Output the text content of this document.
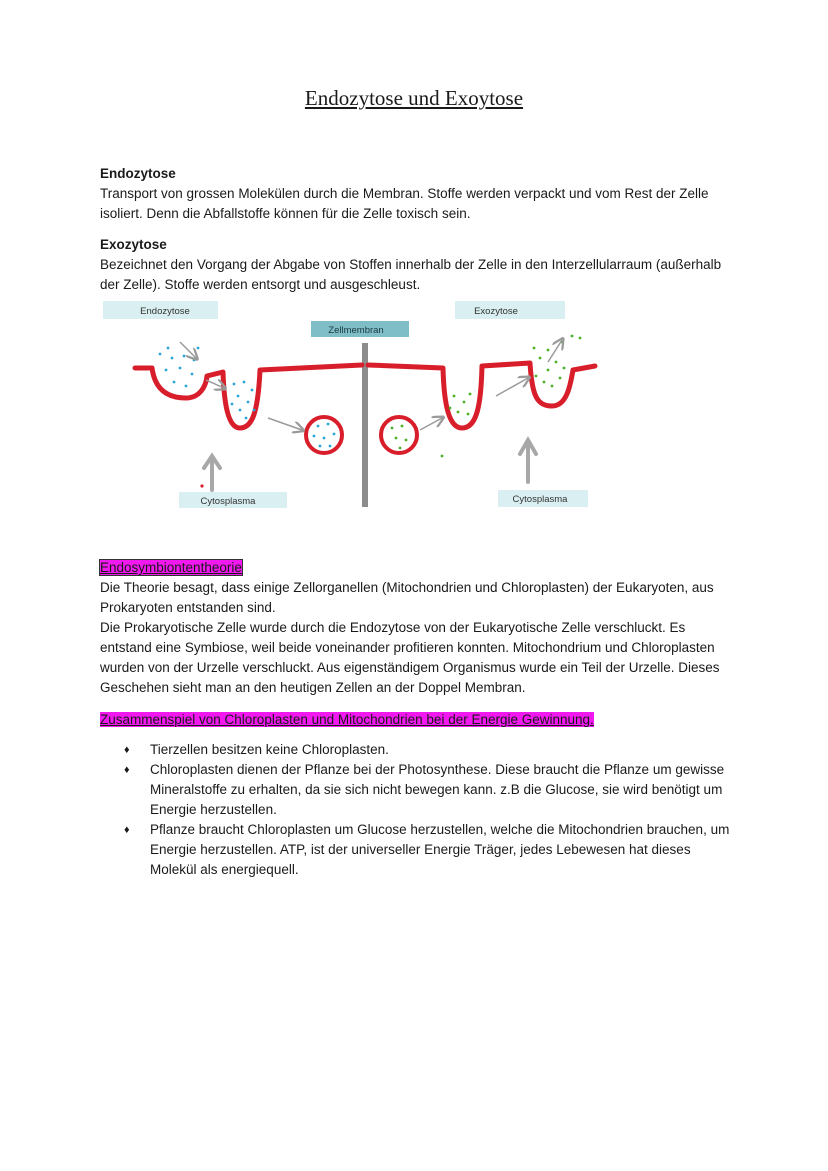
Endozytose und Exoytose
Endozytose
Transport von grossen Molekülen durch die Membran. Stoffe werden verpackt und vom Rest der Zelle isoliert. Denn die Abfallstoffe können für die Zelle toxisch sein.
Exozytose
Bezeichnet den Vorgang der Abgabe von Stoffen innerhalb der Zelle in den Interzellularraum (außerhalb der Zelle). Stoffe werden entsorgt und ausgeschleust.
Endozytose	Exozytose
Zellmembran
Cytosplasma	Cytosplasma
Endosymbiontentheorie
Die Theorie besagt, dass einige Zellorganellen (Mitochondrien und Chloroplasten) der Eukaryoten, aus Prokaryoten entstanden sind.
Die Prokaryotische Zelle wurde durch die Endozytose von der Eukaryotische Zelle verschluckt. Es entstand eine Symbiose, weil beide voneinander profitieren konnten. Mitochondrium und Chloroplasten wurden von der Urzelle verschluckt. Aus eigenständigem Organismus wurde ein Teil der Urzelle. Dieses Geschehen sieht man an den heutigen Zellen an der Doppel Membran.
Zusammenspiel von Chloroplasten und Mitochondrien bei der Energie Gewinnung.
♦ Tierzellen besitzen keine Chloroplasten.
♦ Chloroplasten dienen der Pflanze bei der Photosynthese. Diese braucht die Pflanze um gewisse Mineralstoffe zu erhalten, da sie sich nicht bewegen kann. z.B die Glucose, sie wird benötigt um Energie herzustellen.
♦ Pflanze braucht Chloroplasten um Glucose herzustellen, welche die Mitochondrien brauchen, um Energie herzustellen. ATP, ist der universeller Energie Träger, jedes Lebewesen hat dieses Molekül als energiequell.
